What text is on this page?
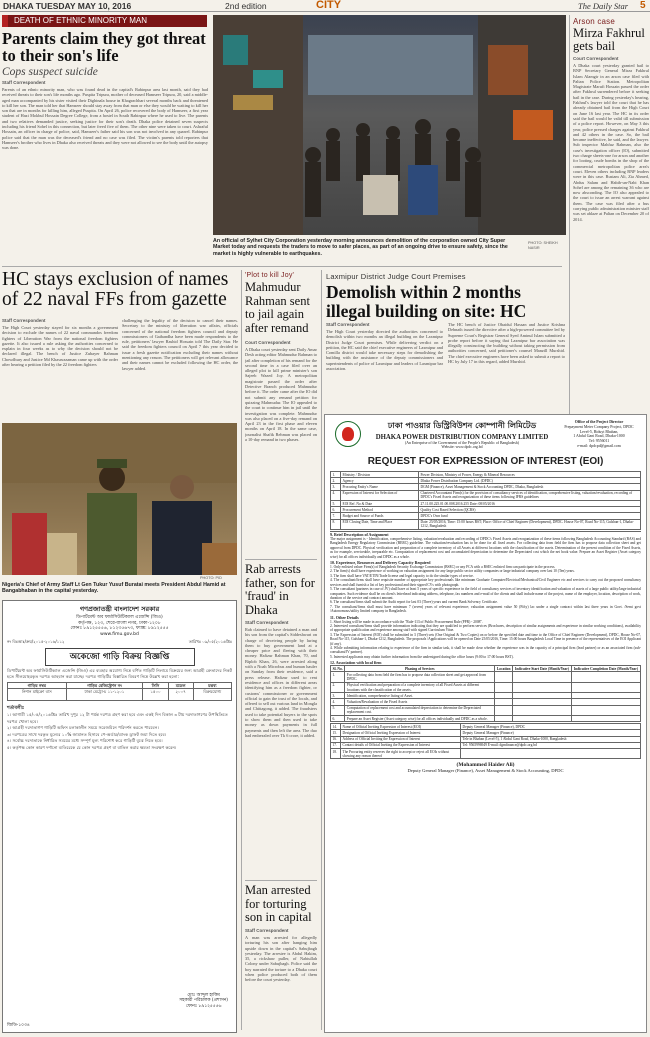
DHAKA TUESDAY MAY 10, 2016	2nd edition	CITY	The Daily Star 5
DEATH OF ETHNIC MINORITY MAN
Parents claim they got threat to their son's life
Cops suspect suicide
Staff Correspondent
Parents of an ethnic minority man, who was found dead in the capital's Rabinpur area last month, said they had received threats to their son's life months ago. Puspita Tripura, mother of deceased Hamseer Tripura, 20, said a middle-aged man accompanied by his sister visited their Dighinala house in Khagrachhari several months back and threatened to kill her son. The man told her that Hamseer should stay away from that man or else they would be waiting to kill her son that are in months for killing him, alleged Puspita. On April 26, police recovered the body of Hamseer, a first year student of Hazi Mokbul Hossain Degree College, from a hostel in South Rabinpur where he used to live. The parents and two relatives demanded justice, seeking justice for their son's death. Dhaka police detained seven suspects including his friend Sohel in this connection, but later freed five of them. The other nine were taken to court. Ashraful Hossain, an officer in charge of police, said, Hamseer's father said his son was not involved in any quarrel. Rabinpur police said that the man was the deceased's friend and no case was filed. The victim's parents told reporters that Hamseer's brother who lives in Dhaka also received threats and they were not allowed to see the body until the autopsy was done.
An official of Sylhet City Corporation yesterday morning announces demolition of the corporation owned City Super Market today and requests the traders to move to safer places, as part of an ongoing drive to ensure safety, since the market is highly vulnerable to earthquakes.
PHOTO: SHEIKH NASIR
Arson case
Mirza Fakhrul gets bail
Court Correspondent
A Dhaka court yesterday granted bail to BNP Secretary General Mirza Fakhrul Islam Alamgir in an arson case filed with Paltan Police Station. Metropolitan Magistrate Marufi Hossain passed the order after Fakhrul surrendered before it seeking bail in the case. During yesterday's hearing, Fakhrul's lawyer told the court that he has already obtained bail from the High Court on June 16 last year. The HC in its order said the bail would be valid till submission of a police report. However, on May 3 this year, police pressed charges against Fakhrul and 42 others in the case. So, the bail became ineffective, he said, and the lawyer. Sub inspector Mahfuz Rahman, also the case's investigation officer (IO), submitted two charge sheets-one for arson and another for looting, crude bombs in the shop of the commercial metropolitan police area's court. Eleven others including BNP leaders were in this case. Rustam Ali, Zia Ahmed, Abdus Salam and Habib-un-Nabi Khan Sohel are among the remaining 36 who are now absconding. The IO also appealed to the court to issue an arrest warrant against them. The case was filed after a bus carrying public administration minister staff was set ablaze at Paltan on December 20 of 2014.
HC stays exclusion of names of 22 naval FFs from gazette
Staff Correspondent
The High Court yesterday stayed for six months a government decision to exclude the names of 22 naval commandos freedom fighters of Liberation War from the national freedom fighters gazette. It also issued a rule asking the authorities concerned to explain in four weeks as to why the decision should not be declared illegal. The bench of Justice Zubayer Rahman Chowdhury and Justice Md Khasruzzaman came up with the order after hearing a petition filed by the 22 freedom fighters
challenging the legality of the decision to cancel their names. Secretary to the ministry of liberation war affairs, officials concerned of the national freedom fighters council and deputy commissioners of Gaibandha have been made respondents to the rule, petitioners' lawyer Rashid Hossain told The Daily Star. He said the freedom fighters council on April 7 this year decided to issue a fresh gazette notification excluding their names without mentioning any reason. The petitioners will get relevant allowance and their names cannot be excluded following the HC order, the lawyer added.
PHOTO: PID
Nigeria's Chief of Army Staff Lt Gen Tukur Yusuf Buratai meets President Abdul Hamid at Bangabhaban in the capital yesterday.
'Plot to kill Joy'
Mahmudur Rahman sent to jail again after remand
Court Correspondent
A Dhaka court yesterday sent Daily Amar Desh acting editor Mahmudur Rahman to jail after completion of his remand for the second time in a case filed over an alleged plot to kill prime minister's son Sajeeb Wazed Joy. A metropolitan magistrate passed the order after Detective Branch produced Mahmudur before it. The order came after the IO did not submit any remand petition for quizzing Mahmudur. The IO appealed to the court to continue him in jail until the investigation was complete. Mahmudur was also placed on a five-day remand on April 23 in the first phase and eleven months on April 18. In the same case, journalist Shafik Rehman was placed on a 10-day remand in two phases.
Rab arrests father, son for 'fraud' in Dhaka
Staff Correspondent
Rab claimed to have detained a man and his son from the capital's Siddeshwari on charge of deceiving people by luring them to buy government land at a cheaper price and fleeing with their money. Hafizur Rahman Khan, 70, and Biplob Khan, 26, were arrested along with a Noah Microbus and human hauler on Sunday from their residence, said a press release. Hafizur used to rent residence and offices in different areas identifying him as a freedom fighter, or customs' commissioner or government official to gain the trust of the locals, and offered to sell out various land in Mongla and Chittagong, it added. The fraudsters used to take potential buyers to the spots to show them and then used to take money as down payments in full payments and then left the area. The duo had embezzled over Tk 6 crore, it added.
Man arrested for torturing son in capital
Staff Correspondent
A man was arrested for allegedly torturing his son after hanging him upside down in the capital's Sabujbagh yesterday. The arrestee is Abdul Hakim, 35, a rickshaw puller, of Nabiullah Colony under Sabujbagh. Police said the boy narrated the torture to a Dhaka court when police produced both of them before the court yesterday.
Laxmipur District Judge Court Premises
Demolish within 2 months illegal building on site: HC
Staff Correspondent
The High Court yesterday directed the authorities concerned to demolish within two months an illegal building on the Laxmipur District Judge Court premises. While delivering verdict on a petition, the HC said the chief executive engineers of Laxmipur and Comilla district would take necessary steps for demolishing the building with the assistance of the deputy commissioners and superintendents of police of Laxmipur and leaders of Laxmipur bar association.
The HC bench of Justice Obaidul Hassan and Justice Krishna Debnath issued the directive after a high-powered committee led by Supreme Court's Registrar General Syed Aminul Islam submitted a probe report before it saying that Laxmipur bar association was illegally constructing the building without taking permission from authorities concerned, said petitioner's counsel Manzill Murshid. The chief executive engineers have been asked to submit a report to HC by July 17 in this regard, added Murshid.
গণপ্রজাতন্ত্রী বাংলাদেশ সরকার
ডিপার্টমেন্ট অব ফার্মাসিউটিক্যাল এজেন্সি (জিও)
কর্তৃপক্ষ, ১২৩, শেরে-বাংলা নগর, ঢাকা-১২০৮
ফোনঃ ৮৯১২৫৫৫৬, ৮১২৩৫৬৭৩, ফ্যাক্স: ৮৯১২৫৫৫
www.fimu.gov.bd
নং বিঃআঃ/ক্রয়/২০১৫-২০১৬/১১২	তারিখঃ ০৯/০৫/২০১৬খ্রিঃ
অকেজো গাড়ি বিক্রয় বিজ্ঞপ্তি
ডিপার্টমেন্ট অব ফার্মাসিউটিক্যাল এজেন্সি (জিও) এর ব্যবহার অযোগ্য নিম্নে বর্ণিত গাড়িটি নিলামে বিক্রয়ের জন্য আগ্রহী ক্রেতাদের নিকট হতে সীলমোহরকৃত দরপত্র আহবান করা যাচ্ছে। দরপত্র গাড়িটির বিস্তারিত বিবরণ নিম্নে উল্লেখ করা হলো:
গাড়ির নম্বর	গাড়ির রেজিস্ট্রেশন নং	সিসি	মডেল	মন্তব্য
নিশান মাইক্রো বাস	ঢাকা মেট্রো-চ ১১-১২০১	১৫০০	২০০৭	বিক্রয়যোগ্য
শর্তাবলীঃ
১। আগামী ১৫/০৫/২০১৬খ্রিঃ তারিখ দুপুর ১২ টা পর্যন্ত দরপত্র গ্রহণ করা হবে এবং একই দিন বিকাল ৩ টায় দরদাতাগণের উপস্থিতিতে দরপত্র খোলা হবে।
২। আগ্রহী দরদাতাগণ গাড়িটি অফিস চলাকালীন সময়ে সরেজমিনে পরিদর্শন করতে পারবেন।
৩। দরপত্রের সাথে দরকৃত মূল্যের ১০% জামানত হিসাবে পে-অর্ডার/ব্যাংক ড্রাফট জমা দিতে হবে।
৪। সর্বোচ্চ দরদাতাকে নির্ধারিত সময়ের মধ্যে সম্পূর্ণ মূল্য পরিশোধ করে গাড়িটি বুঝে নিতে হবে।
৫। কর্তৃপক্ষ কোন কারণ দর্শানো ব্যতিরেকে যে কোন দরপত্র গ্রহণ বা বাতিল করার ক্ষমতা সংরক্ষণ করেন।
মোঃ আব্দুল হাকিম
সহকারী পরিচালক (প্রশাসন)
ফোনঃ ৮৯১২৫৫৫৬
জিডি-১০৩৪
ঢাকা পাওয়ার ডিস্ট্রিবিউশন কোম্পানী লিমিটেড
DHAKA POWER DISTRIBUTION COMPANY LIMITED
(An Enterprise of the Government of the People's Republic of Bangladesh)
Website: www.dpdc.org.bd
Office of the Project Director
Prepayment Meter Company Project, DPDC
Level-5, Biduyt Bhaban,
1 Abdul Gani Road, Dhaka-1000
Tel: 9556011
e-mail: dpdcpd@gmail.com
REQUEST FOR EXPRESSION OF INTEREST (EOI)
1.	Ministry / Division	Power Division, Ministry of Power, Energy & Mineral Resources
2.	Agency	Dhaka Power Distribution Company Ltd. (DPDC)
3.	Procuring Entity's Name	DGM (Finance), Asset Management & Stock Accounting DPDC, Dhaka, Bangladesh
4.	Expression of Interest for Selection of	Chartered Accountant Firm(s) for the provision of consultancy services of identification, comprehensive listing, valuation/revaluation, recording of DPDC's Fixed Assets and reorganization of these items following IFRS guidelines
5.	EOI Ref. No & Date	27.11.00.225.01.00.008.2016.255 Date: 08/05/2016
6.	Procurement Method	Quality Cost Based Selection (QCBS)
7.	Budget and Source of Funds	DPDC's Own fund
8.	EOI Closing Date, Time and Place	Date: 25/05/2016, Time: 15:00 hours BST; Place: Office of Chief Engineer (Development), DPDC. House No-07, Road No-115, Gulshan-1, Dhaka-1212, Bangladesh
9. Brief Description of Assignment
The major assignment is - Identification, comprehensive listing, valuation/revaluation and recording of DPDC's Fixed Assets and reorganization of these items following Bangladesh Accounting Standard (BAS) and Bangladesh Energy Regulatory Commission (BERC) guideline. The valuation/revaluation has to be done for all fixed assets. For collecting data from field the firm has to propose data collection sheet and get approval from DPDC. Physical verification and preparation of a complete inventory of all Assets at different locations with the classification of the assets. Determination of the present condition of the Fixed Assets, as for example, serviceable, irreparable etc. Computation of replacement cost and accumulated depreciation to determine the Depreciated cost which the net book value. Prepare an Asset Register (Asset category wise) for all offices individually and DPDC as a whole.
10. Experience, Resources and Delivery Capacity Required
1. Only enlisted valuer Firm(s) of Bangladesh Security Exchange Commission (BSEC) or any FCA with a BSEC enlisted firm can participate in the process.
2. The firm(s) shall have experience of working on valuation assignment for any large public sector utility companies or large industrial company over last 10 (Ten) years.
3. The firm shall have VAT/ETIN/Trade license and legal capacity to do the similar types of service.
4. The consultant/firms shall have requisite number of appropriate key professionals like minimum Graduate Computer/Electrical/Mechanical/Civil Engineer etc and services to carry out the proposed consultancy services and shall furnish a list of key professional and their signed CVs with photograph.
5. The consultant (partners in case of JV) shall have at least 5 years of specific experience in the field of consultancy services of inventory identification and valuation of assets of a large public utility/large industrial companies. Such evidence shall be on client's letterhead indicating address, telephone, fax numbers and e-mail of the clients and shall include name of the project, name of the employer, location, description of work, duration of the service and contract amount.
6. The consultant/firms shall submit the Audit report for last 03 (Three) years and current Bank Solvency Certificate.
7. The consultant/firms shall must have minimum 7 (seven) years of relevant experience; valuation assignment value 50 (Fifty) lac under a single contract within last three years in Govt. /Semi govt /Autonomous/utility limited company in Bangladesh.
11. Other Details
1. Short listing will be made in accordance with the "Rule-113 of Public Procurement Rule (PPR) - 2008".
2. Interested consultant/firms shall provide information indicating that they are qualified to perform services (Brochures, description of similar assignments and experience in similar working conditions), availability of appropriate qualification and experience among staff with signed Curriculum Vitae.
3. The Expression of Interest (EOI) shall be submitted in 3 (Three) sets (One Original & Two Copies) on or before the specified date and time to the Office of Chief Engineer (Development), DPDC, House No-07, Road No-115, Gulshan-1, Dhaka-1212, Bangladesh. The proposals /Applications will be opened on Date 25/05/2016, Time: 15:00 hours Bangladesh Local Time in presence of the representatives of the EOI Applicant (if any).
4. While submitting information relating to experience of the firm in similar task, it shall be made clear whether the experience was in the capacity of a principal firm (lead partner) or as an associated firm (sub-consultant/JV partner).
5. Interested applicants may obtain further information from the undersigned during the office hours (9:00 to 17:00 hours BST).
12. Association with local firm
Sl. No.	Phasing of Services	Location	Indicative Start Date (Month/Year)	Indicative Completion Date (Month/Year)
1.	For collecting data from field the firm has to propose data collection sheet and get approval from DPDC.			
2.	Physical verification and preparation of a complete inventory of all Fixed Assets at different locations with the classification of the assets.			
3.	Identification, comprehensive listing of Asset.			
4.	Valuation/Revaluation of the Fixed Assets			
5.	Computation of replacement cost and accumulated depreciation to determine the Depreciated replacement cost.			
6.	Prepare an Asset Register (Asset category wise) for all offices individually and DPDC as a whole.			
14.	Name of Official Inviting Expression of Interest (EOI)	Deputy General Manager (Finance), DPDC
15.	Designation of Official Inviting Expression of Interest	Deputy General Manager (Finance)
16.	Address of Official Inviting the Expression of Interest	Tele in Bhaban (Level-5), 1 Abdul Gani Road, Dhaka-1000, Bangladesh
17.	Contact details of Official Inviting the Expression of Interest	Tel: 9565996949 E-mail: dgmfinance@dpdc.org.bd
18.	The Procuring entity reserves the right to accept or reject all EOIs without showing any reason thereof	
(Mohammed Haider Ali)
Deputy General Manager (Finance), Asset Management & Stock Accounting, DPDC
